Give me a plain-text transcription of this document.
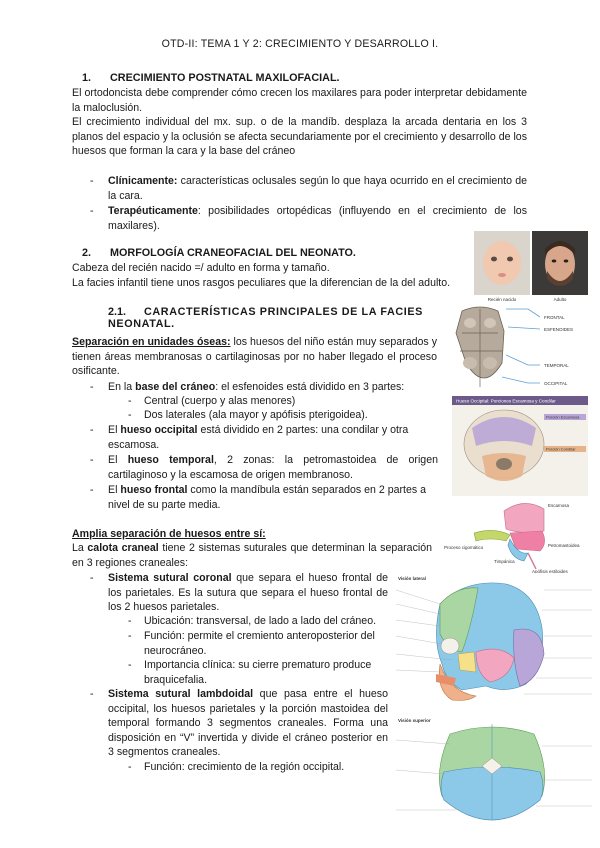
OTD-II: TEMA 1 Y 2: CRECIMIENTO Y DESARROLLO I.
1. CRECIMIENTO POSTNATAL MAXILOFACIAL.
El ortodoncista debe comprender cómo crecen los maxilares para poder interpretar debidamente la maloclusión.
El crecimiento individual del mx. sup. o de la mandíb. desplaza la arcada dentaria en los 3 planos del espacio y la oclusión se afecta secundariamente por el crecimiento y desarrollo de los huesos que forman la cara y la base del cráneo
- Clínicamente: características oclusales según lo que haya ocurrido en el crecimiento de la cara.
- Terapéuticamente: posibilidades ortopédicas (influyendo en el crecimiento de los maxilares).
2. MORFOLOGÍA CRANEOFACIAL DEL NEONATO.
Cabeza del recién nacido =/ adulto en forma y tamaño.
La facies infantil tiene unos rasgos peculiares que la diferencian de la del adulto.
2.1. CARACTERÍSTICAS PRINCIPALES DE LA FACIES NEONATAL.
Separación en unidades óseas: los huesos del niño están muy separados y tienen áreas membranosas o cartilaginosas por no haber llegado el proceso osificante.
- En la base del cráneo: el esfenoides está dividido en 3 partes:
- Central (cuerpo y alas menores)
- Dos laterales (ala mayor y apófisis pterigoidea).
- El hueso occipital está dividido en 2 partes: una condilar y otra escamosa.
- El hueso temporal, 2 zonas: la petromastoidea de origen cartilaginoso y la escamosa de origen membranoso.
- El hueso frontal como la mandíbula están separados en 2 partes a nivel de su parte media.
Amplia separación de huesos entre sí:
La calota craneal tiene 2 sistemas suturales que determinan la separación en 3 regiones craneales:
- Sistema sutural coronal que separa el hueso frontal de los parietales. Es la sutura que separa el hueso frontal de los 2 huesos parietales.
- Ubicación: transversal, de lado a lado del cráneo.
- Función: permite el cremiento anteroposterior del neurocráneo.
- Importancia clínica: su cierre prematuro produce braquicefalia.
- Sistema sutural lambdoidal que pasa entre el hueso occipital, los huesos parietales y la porción mastoidea del temporal formando 3 segmentos craneales. Forma una disposición en “V” invertida y divide el cráneo posterior en 3 segmentos craneales.
- Función: crecimiento de la región occipital.
Recién nacido	Adulto
FRONTAL
ESFENOIDES
TEMPORAL
OCCIPITAL
Hueso Occipital: Porciones Escamosa y Condilar
Porción Escamosa
Porción Condilar
Escamosa
Proceso cigomático	Petromastoidea
Timpánica
Apófisis estiloides
Visión lateral
Visión superior
